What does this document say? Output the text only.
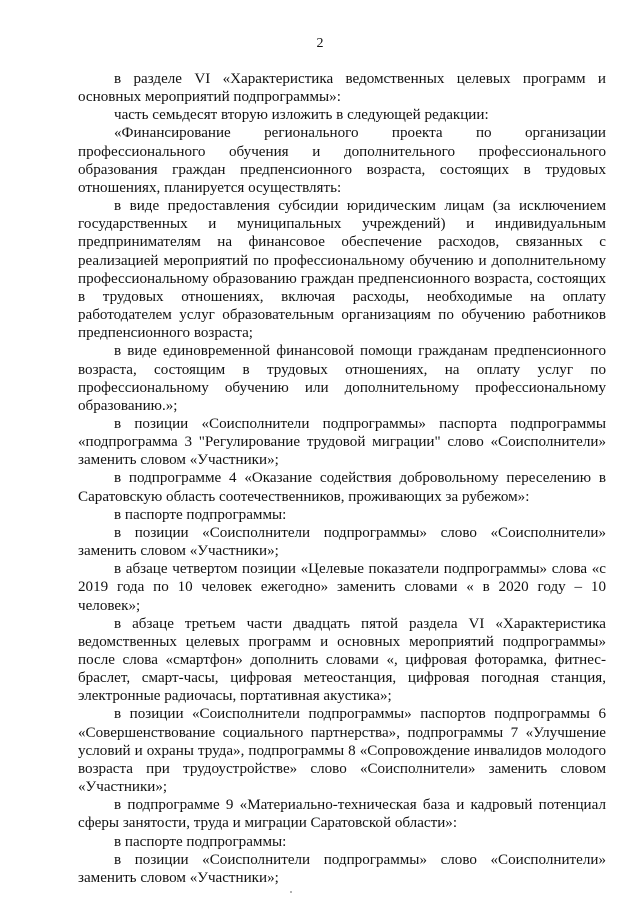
2

в разделе VI «Характеристика ведомственных целевых программ и основных мероприятий подпрограммы»:

часть семьдесят вторую изложить в следующей редакции:

«Финансирование регионального проекта по организации профессионального обучения и дополнительного профессионального образования граждан предпенсионного возраста, состоящих в трудовых отношениях, планируется осуществлять:

в виде предоставления субсидии юридическим лицам (за исключением государственных и муниципальных учреждений) и индивидуальным предпринимателям на финансовое обеспечение расходов, связанных с реализацией мероприятий по профессиональному обучению и дополнительному профессиональному образованию граждан предпенсионного возраста, состоящих в трудовых отношениях, включая расходы, необходимые на оплату работодателем услуг образовательным организациям по обучению работников предпенсионного возраста;

в виде единовременной финансовой помощи гражданам предпенсионного возраста, состоящим в трудовых отношениях, на оплату услуг по профессиональному обучению или дополнительному профессиональному образованию.»;

в позиции «Соисполнители подпрограммы» паспорта подпрограммы «подпрограмма 3 "Регулирование трудовой миграции" слово «Соисполнители» заменить словом «Участники»;

в подпрограмме 4 «Оказание содействия добровольному переселению в Саратовскую область соотечественников, проживающих за рубежом»:

в паспорте подпрограммы:

в позиции «Соисполнители подпрограммы» слово «Соисполнители» заменить словом «Участники»;

в абзаце четвертом позиции «Целевые показатели подпрограммы» слова «с 2019 года по 10 человек ежегодно» заменить словами « в 2020 году – 10 человек»;

в абзаце третьем части двадцать пятой раздела VI «Характеристика ведомственных целевых программ и основных мероприятий подпрограммы» после слова «смартфон» дополнить словами «, цифровая фоторамка, фитнес-браслет, смарт-часы, цифровая метеостанция, цифровая погодная станция, электронные радиочасы, портативная акустика»;

в позиции «Соисполнители подпрограммы» паспортов подпрограммы 6 «Совершенствование социального партнерства», подпрограммы 7 «Улучшение условий и охраны труда», подпрограммы 8 «Сопровождение инвалидов молодого возраста при трудоустройстве» слово «Соисполнители» заменить словом «Участники»;

в подпрограмме 9 «Материально-техническая база и кадровый потенциал сферы занятости, труда и миграции Саратовской области»:

в паспорте подпрограммы:

в позиции «Соисполнители подпрограммы» слово «Соисполнители» заменить словом «Участники»;
